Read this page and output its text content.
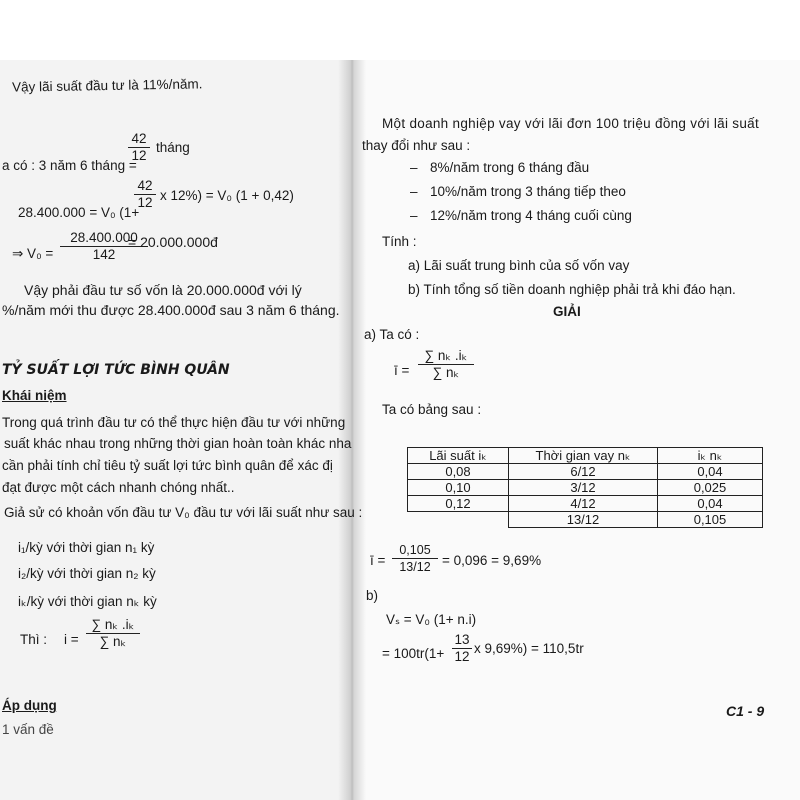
Vậy lãi suất đầu tư là 11%/năm.
a có : 3 năm 6 tháng =
$\frac{42}{12}$ tháng
28.400.000 = V₀ (1+
$\frac{42}{12}$ x 12%) = V₀ (1 + 0,42)
⇒ $V_0 = \frac{28.400.000}{142}$
= 20.000.000đ
Vậy phải đầu tư số vốn là 20.000.000đ với lý
%/năm mới thu được 28.400.000đ sau 3 năm 6 tháng.
TỶ SUẤT LỢI TỨC BÌNH QUÂN
Khái niệm
Trong quá trình đầu tư có thể thực hiện đầu tư với những
suất khác nhau trong những thời gian hoàn toàn khác nha
cần phải tính chỉ tiêu tỷ suất lợi tức bình quân để xác đị
đạt được một cách nhanh chóng nhất..
Giả sử có khoản vốn đầu tư V₀ đầu tư với lãi suất như sau :
i₁/kỳ với thời gian n₁ kỳ
i₂/kỳ với thời gian n₂ kỳ
iₖ/kỳ với thời gian nₖ kỳ
Thì : $i = \frac{\text{∑ nₖ .iₖ}}{\text{∑ nₖ}}$
Áp dụng
1 vấn đề
Một doanh nghiệp vay với lãi đơn 100 triệu đồng với lãi suất
thay đổi như sau :
– 8%/năm trong 6 tháng đầu
– 10%/năm trong 3 tháng tiếp theo
– 12%/năm trong 4 tháng cuối cùng
Tính :
a) Lãi suất trung bình của số vốn vay
b) Tính tổng số tiền doanh nghiệp phải trả khi đáo hạn.
GIẢI
a) Ta có :
ī = $\frac{\text{∑ nₖ .iₖ}}{\text{∑ nₖ}}$
Ta có bảng sau :
Lãi suất iₖ	Thời gian vay nₖ	iₖ nₖ
0,08	6/12	0,04
0,10	3/12	0,025
0,12	4/12	0,04
	13/12	0,105
ī = $\frac{0,105}{13/12} = 0,096 = 9,69\%$
b)
Vₛ = V₀ (1+ n.i)
= $100tr(1+ \frac{13}{12}$ x 9,69%) = 110,5tr
C1 - 9
